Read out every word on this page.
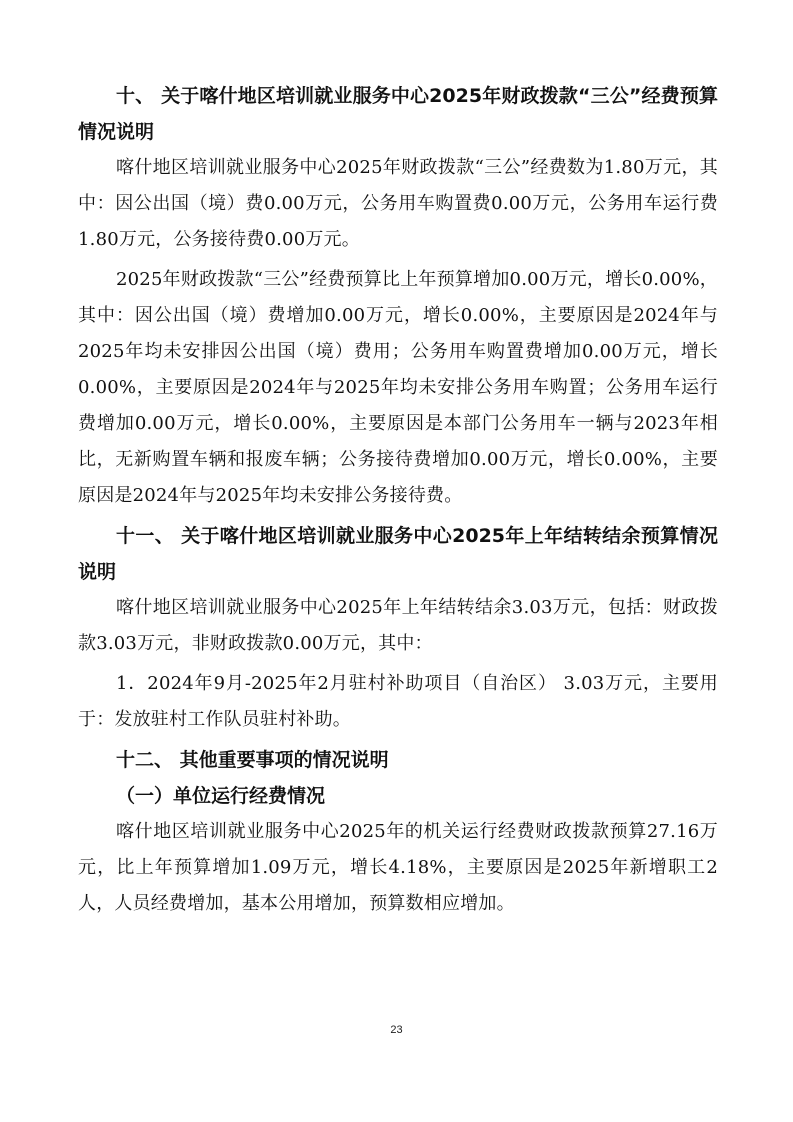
十、 关于喀什地区培训就业服务中心2025年财政拨款“三公”经费预算情况说明

喀什地区培训就业服务中心2025年财政拨款“三公”经费数为1.80万元，其中：因公出国（境）费0.00万元，公务用车购置费0.00万元，公务用车运行费1.80万元，公务接待费0.00万元。

2025年财政拨款“三公”经费预算比上年预算增加0.00万元，增长0.00%，其中：因公出国（境）费增加0.00万元，增长0.00%，主要原因是2024年与2025年均未安排因公出国（境）费用；公务用车购置费增加0.00万元，增长0.00%，主要原因是2024年与2025年均未安排公务用车购置；公务用车运行费增加0.00万元，增长0.00%，主要原因是本部门公务用车一辆与2023年相比，无新购置车辆和报废车辆；公务接待费增加0.00万元，增长0.00%，主要原因是2024年与2025年均未安排公务接待费。

十一、 关于喀什地区培训就业服务中心2025年上年结转结余预算情况说明

喀什地区培训就业服务中心2025年上年结转结余3.03万元，包括：财政拨款3.03万元，非财政拨款0.00万元，其中：

1．2024年9月-2025年2月驻村补助项目（自治区） 3.03万元，主要用于：发放驻村工作队员驻村补助。

十二、 其他重要事项的情况说明

（一）单位运行经费情况

喀什地区培训就业服务中心2025年的机关运行经费财政拨款预算27.16万元，比上年预算增加1.09万元，增长4.18%，主要原因是2025年新增职工2人，人员经费增加，基本公用增加，预算数相应增加。

23
